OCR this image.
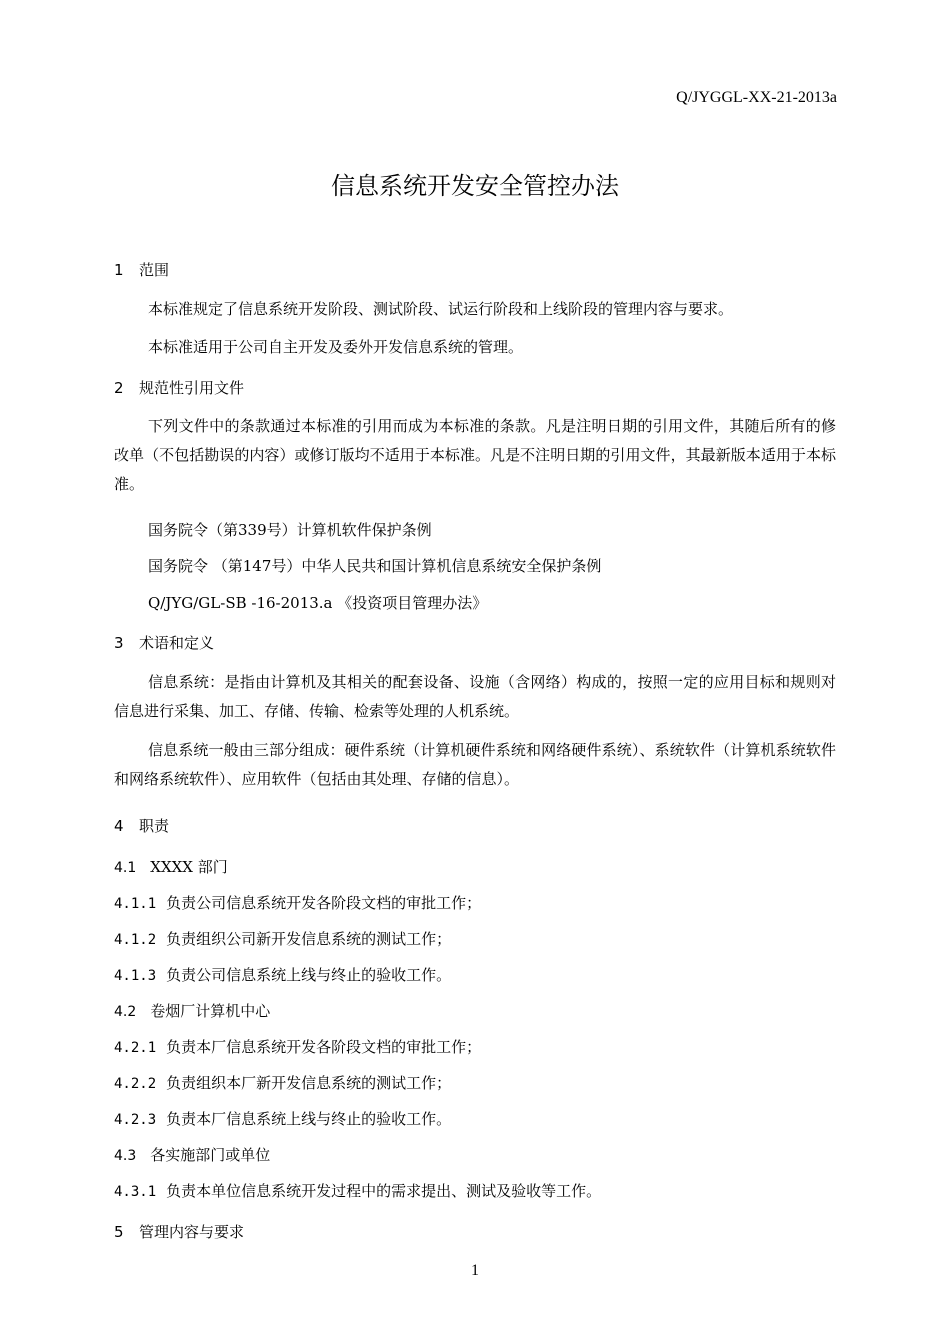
Q/JYGGL-XX-21-2013a
信息系统开发安全管控办法
1 范围
本标准规定了信息系统开发阶段、测试阶段、试运行阶段和上线阶段的管理内容与要求。
本标准适用于公司自主开发及委外开发信息系统的管理。
2 规范性引用文件
下列文件中的条款通过本标准的引用而成为本标准的条款。凡是注明日期的引用文件，其随后所有的修改单（不包括勘误的内容）或修订版均不适用于本标准。凡是不注明日期的引用文件，其最新版本适用于本标准。
国务院令（第339号）计算机软件保护条例
国务院令 （第147号）中华人民共和国计算机信息系统安全保护条例
Q/JYG/GL-SB -16-2013.a 《投资项目管理办法》
3 术语和定义
信息系统：是指由计算机及其相关的配套设备、设施（含网络）构成的，按照一定的应用目标和规则对信息进行采集、加工、存储、传输、检索等处理的人机系统。
信息系统一般由三部分组成：硬件系统（计算机硬件系统和网络硬件系统）、系统软件（计算机系统软件和网络系统软件）、应用软件（包括由其处理、存储的信息）。
4 职责
4.1 XXXX 部门
4.1.1 负责公司信息系统开发各阶段文档的审批工作；
4.1.2 负责组织公司新开发信息系统的测试工作；
4.1.3 负责公司信息系统上线与终止的验收工作。
4.2 卷烟厂计算机中心
4.2.1 负责本厂信息系统开发各阶段文档的审批工作；
4.2.2 负责组织本厂新开发信息系统的测试工作；
4.2.3 负责本厂信息系统上线与终止的验收工作。
4.3 各实施部门或单位
4.3.1 负责本单位信息系统开发过程中的需求提出、测试及验收等工作。
5 管理内容与要求
1
